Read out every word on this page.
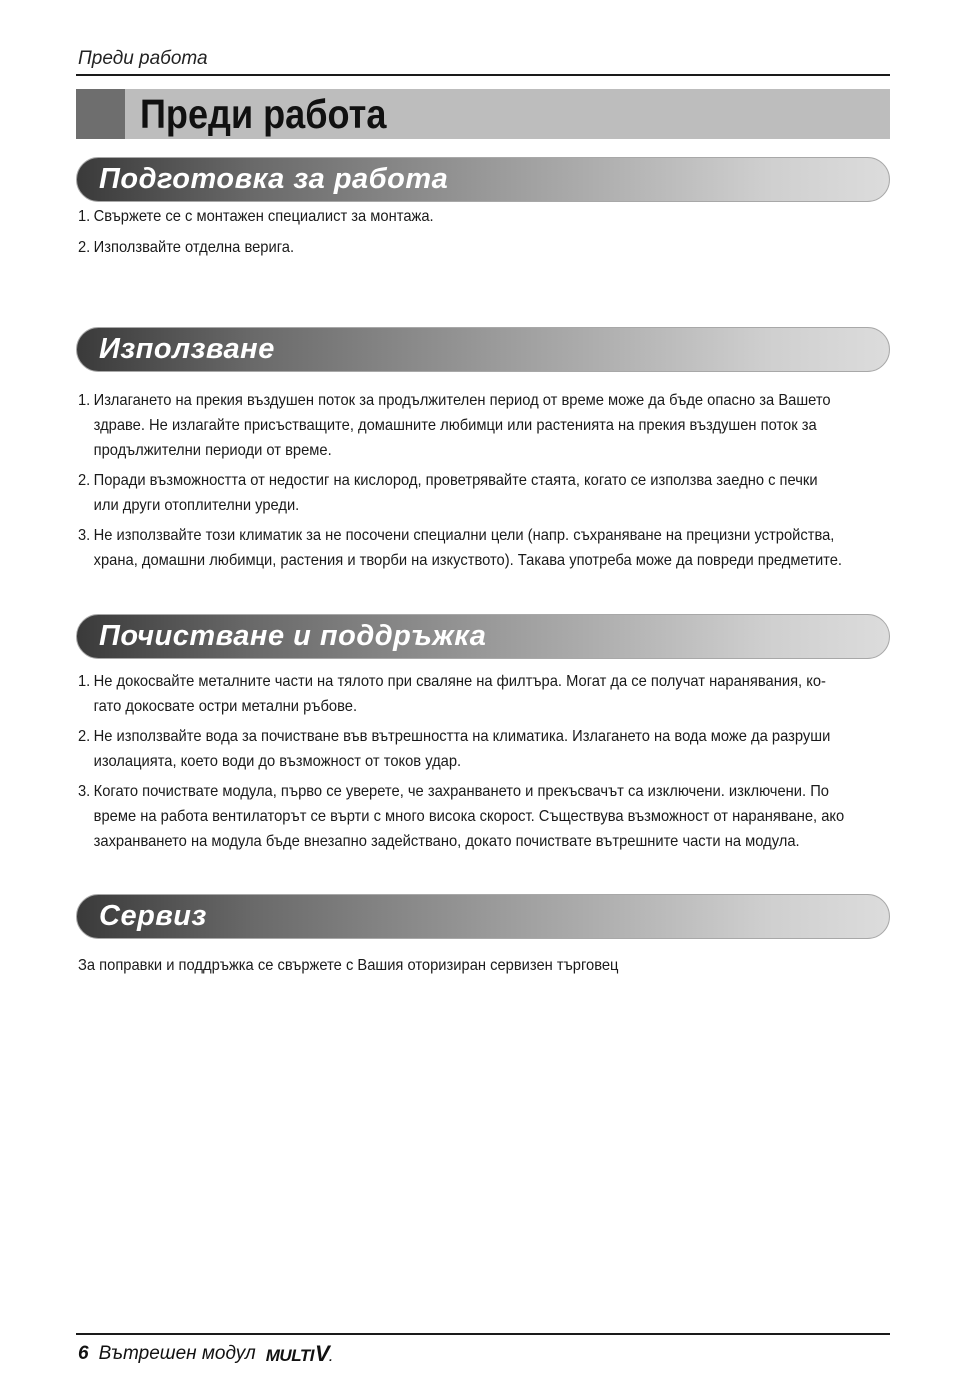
Преди работа
Преди работа
Подготовка за работа
1. Свържете се с монтажен специалист за монтажа.
2. Използвайте отделна верига.
Използване
1. Излагането на прекия въздушен поток за продължителен период от време може да бъде опасно за Вашето
здраве. Не излагайте присъстващите, домашните любимци или растенията на прекия въздушен поток за
продължителни периоди от време.
2. Поради възможността от недостиг на кислород, проветрявайте стаята, когато се използва заедно с печки
или други отоплителни уреди.
3. Не използвайте този климатик за не посочени специални цели (напр. съхраняване на прецизни устройства,
храна, домашни любимци, растения и творби на изкуството). Такава употреба може да повреди предметите.
Почистване и поддръжка
1. Не докосвайте металните части на тялото при сваляне на филтъра. Могат да се получат наранявания, ко-
гато докосвате остри метални ръбове.
2. Не използвайте вода за почистване във вътрешността на климатика. Излагането на вода може да разруши
изолацията, което води до възможност от токов удар.
3. Когато почиствате модула, първо се уверете, че захранването и прекъсвачът са изключени. изключени. По
време на работа вентилаторът се върти с много висока скорост. Съществува възможност от нараняване, ако
захранването на модула бъде внезапно задействано, докато почиствате вътрешните части на модула.
Сервиз
За поправки и поддръжка се свържете с Вашия оторизиран сервизен търговец
6 Вътрешен модул MULTI V .
